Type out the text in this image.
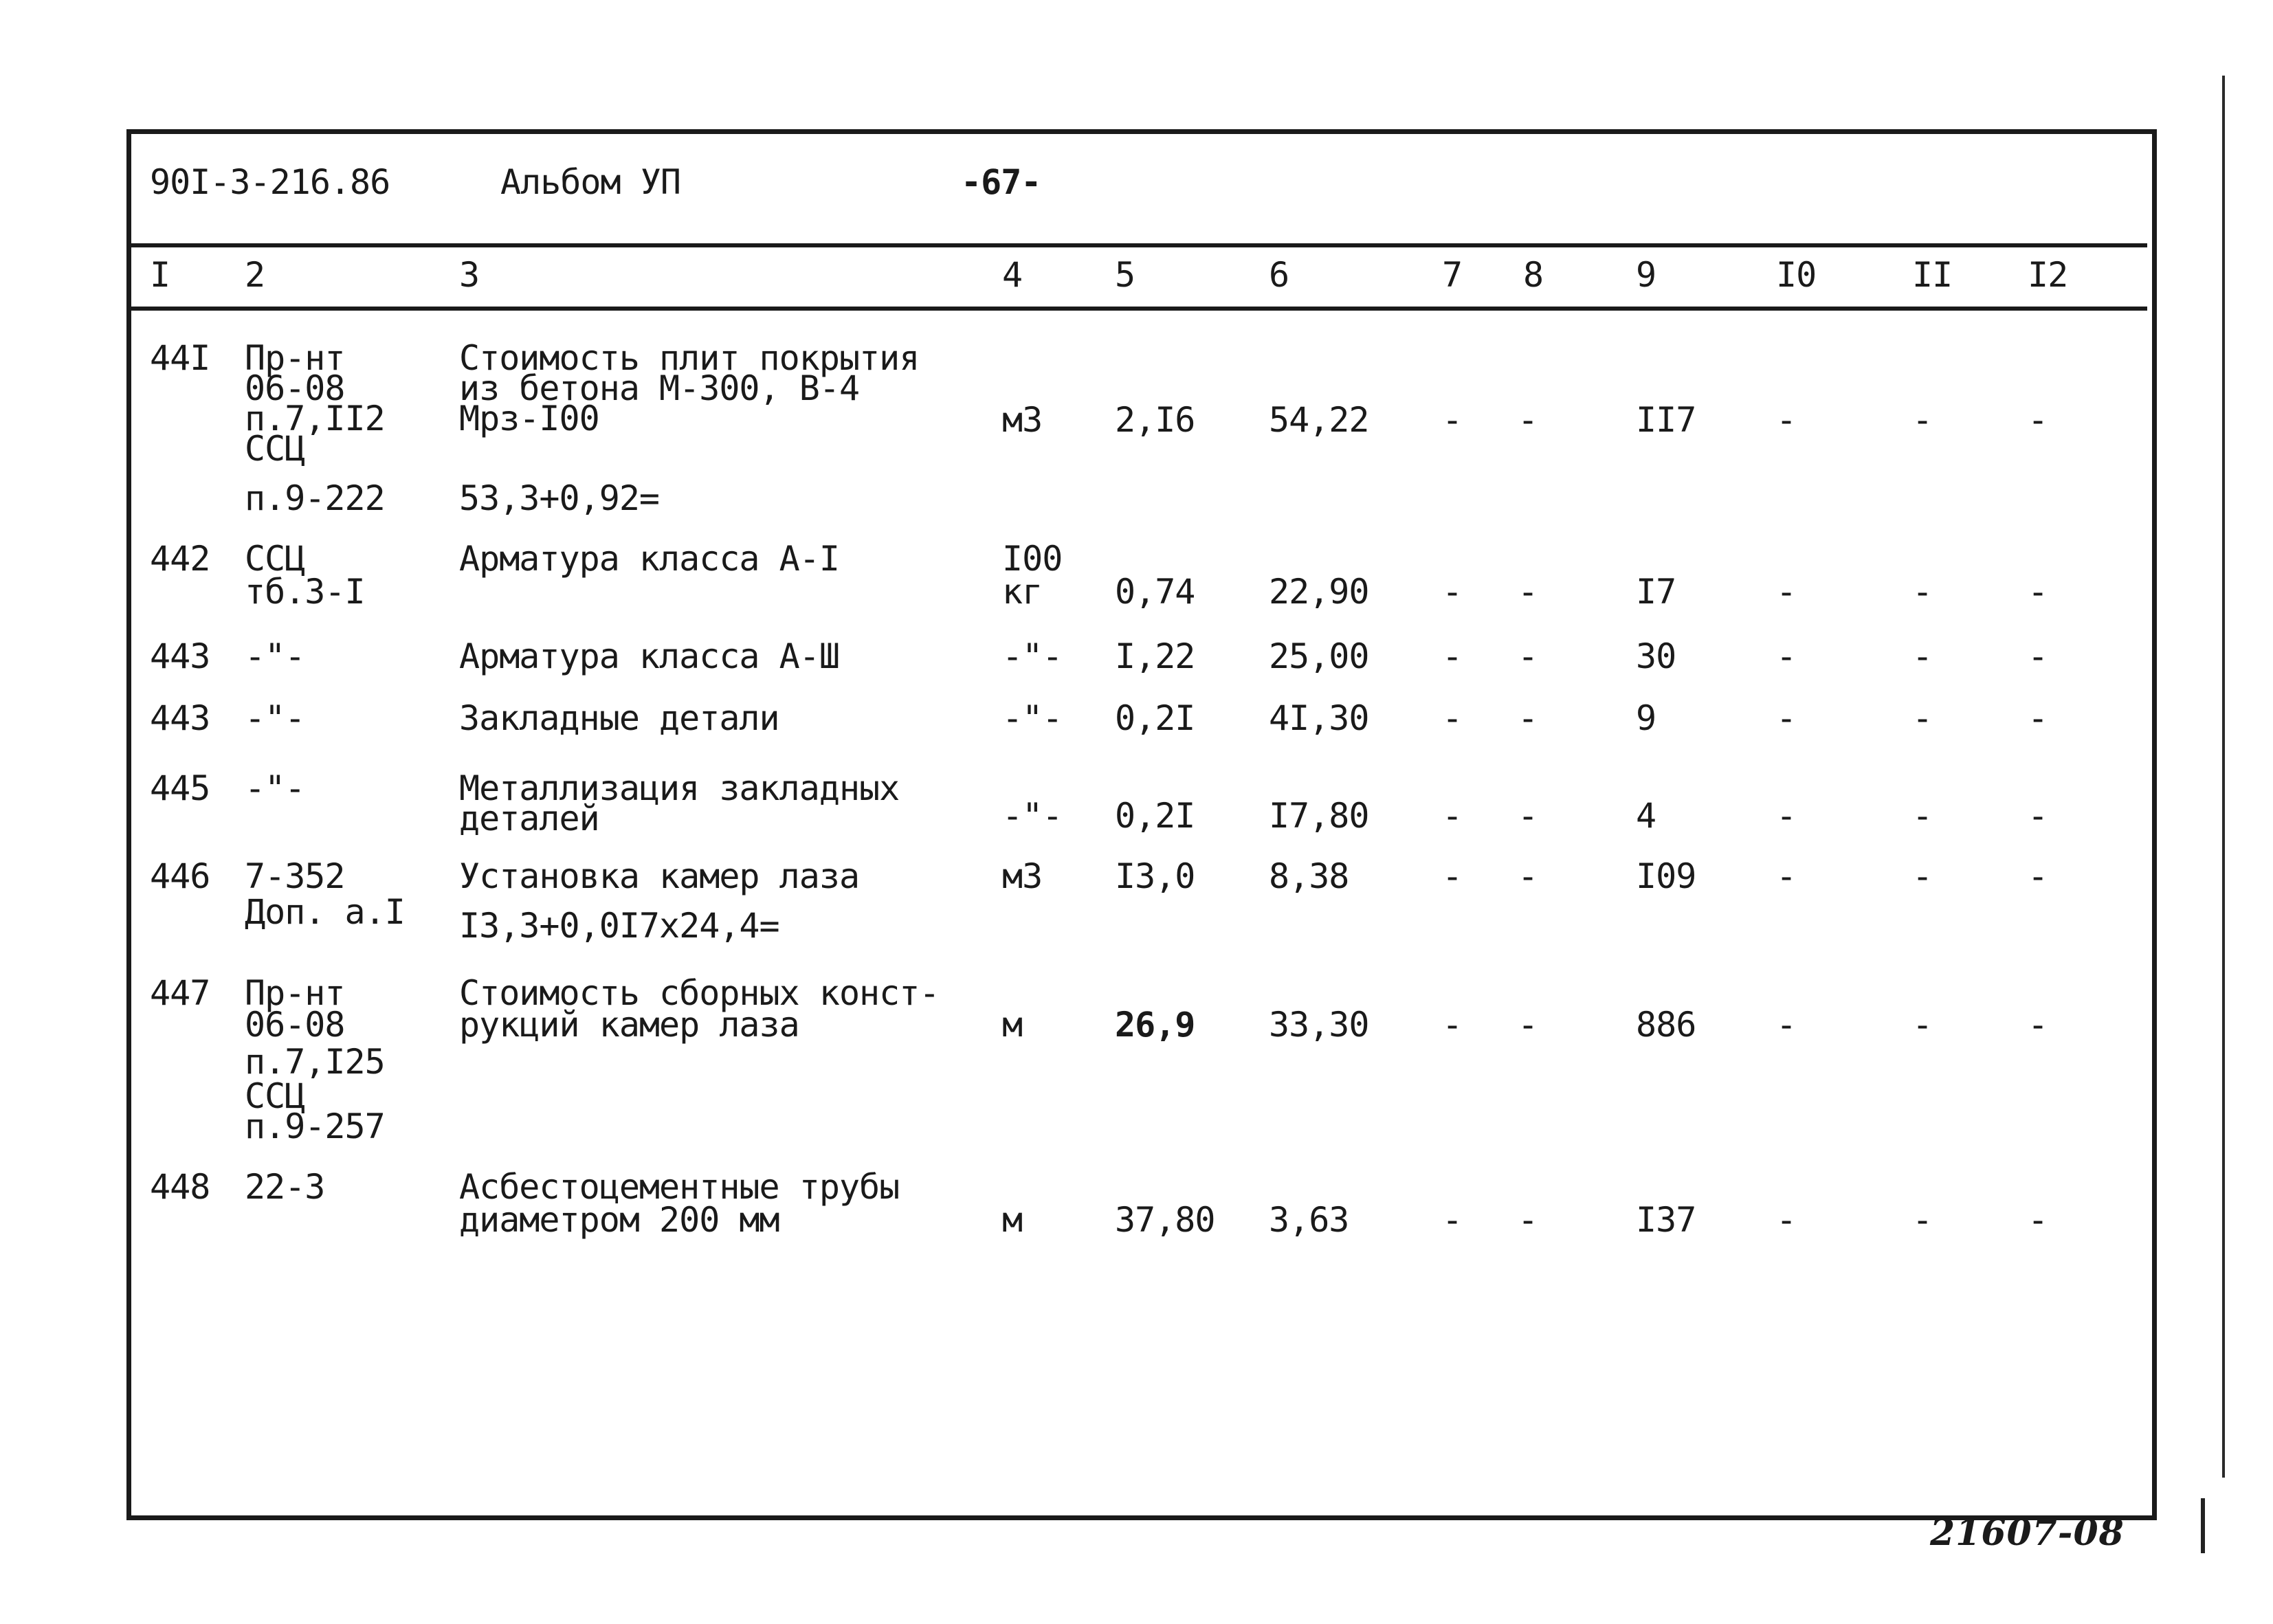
90I-3-216.86	Альбом УП	-67-
I 2	3	4	5	6	7 8	9	I0	II I2
44I Пр-нт
06-08
п.7,II2
ССЦ
п.9-222
Стоимость плит покрытия
из бетона М-300, В-4
Мрз-I00
53,3+0,92=
м3 2,I6 54,22 - -	II7 -	-	-
442 ССЦ
тб.3-I
Арматура класса А-I	I00
кг 0,74 22,90 - -	I7	-	-	-
443 -"-	Арматура класса А-Ш	-"- I,22 25,00 - -	30	-	-	-
443 -"-	Закладные детали	-"- 0,2I 4I,30 - -	9	-	-	-
445 -"-	Металлизация закладных
деталей	-"- 0,2I I7,80 - -	4	-	-	-
446 7-352
Доп. а.I
Установка камер лаза
I3,3+0,0I7x24,4=
м3 I3,0 8,38	- -	I09 -	-	-
447 Пр-нт
06-08
п.7,I25
ССЦ
п.9-257
Стоимость сборных конст-
рукций камер лаза	м	26,9 33,30 - -	886 -	-	-
448 22-3	Асбестоцементные трубы
диаметром 200 мм	м	37,80 3,63	- -	I37 -	-	-
21607-08
